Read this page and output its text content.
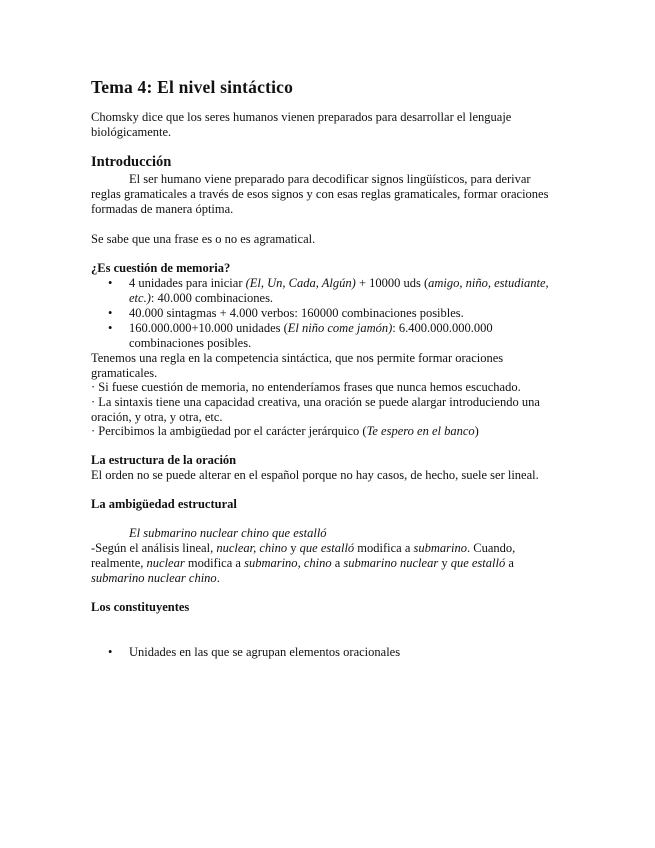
Tema 4: El nivel sintáctico
Chomsky dice que los seres humanos vienen preparados para desarrollar el lenguaje biológicamente.
Introducción
El ser humano viene preparado para decodificar signos lingüísticos, para derivar reglas gramaticales a través de esos signos y con esas reglas gramaticales, formar oraciones formadas de manera óptima.
Se sabe que una frase es o no es agramatical.
¿Es cuestión de memoria?
• 4 unidades para iniciar (El, Un, Cada, Algún) + 10000 uds (amigo, niño, estudiante, etc.): 40.000 combinaciones.
• 40.000 sintagmas + 4.000 verbos: 160000 combinaciones posibles.
• 160.000.000+10.000 unidades (El niño come jamón): 6.400.000.000.000 combinaciones posibles.
Tenemos una regla en la competencia sintáctica, que nos permite formar oraciones gramaticales.
· Si fuese cuestión de memoria, no entenderíamos frases que nunca hemos escuchado.
· La sintaxis tiene una capacidad creativa, una oración se puede alargar introduciendo una oración, y otra, y otra, etc.
· Percibimos la ambigüedad por el carácter jerárquico (Te espero en el banco)
La estructura de la oración
El orden no se puede alterar en el español porque no hay casos, de hecho, suele ser lineal.
La ambigüedad estructural
El submarino nuclear chino que estalló
-Según el análisis lineal, nuclear, chino y que estalló modifica a submarino. Cuando, realmente, nuclear modifica a submarino, chino a submarino nuclear y que estalló a submarino nuclear chino.
Los constituyentes
• Unidades en las que se agrupan elementos oracionales
